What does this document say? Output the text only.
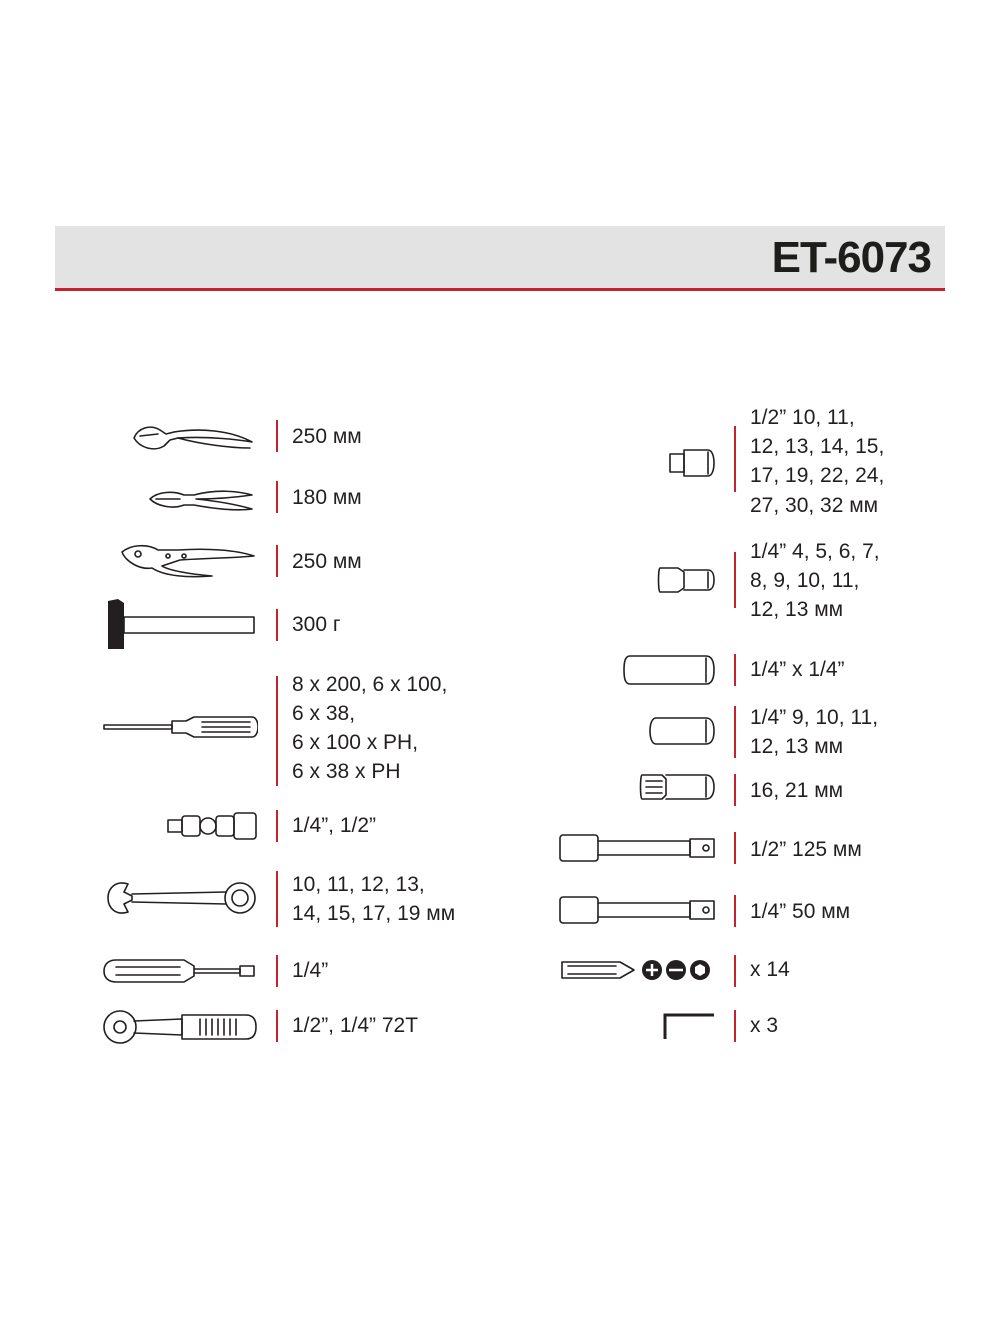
ET-6073
250 мм
180 мм
250 мм
300 г
8 x 200, 6 x 100,
6 x 38,
6 x 100 x PH,
6 x 38 x PH
1/4”, 1/2”
10, 11, 12, 13,
14, 15, 17, 19 мм
1/4”
1/2”, 1/4” 72T
1/2” 10, 11,
12, 13, 14, 15,
17, 19, 22, 24,
27, 30, 32 мм
1/4” 4, 5, 6, 7,
8, 9, 10, 11,
12, 13 мм
1/4” x 1/4”
1/4” 9, 10, 11,
12, 13 мм
16, 21 мм
1/2” 125 мм
1/4” 50 мм
x 14
x 3
